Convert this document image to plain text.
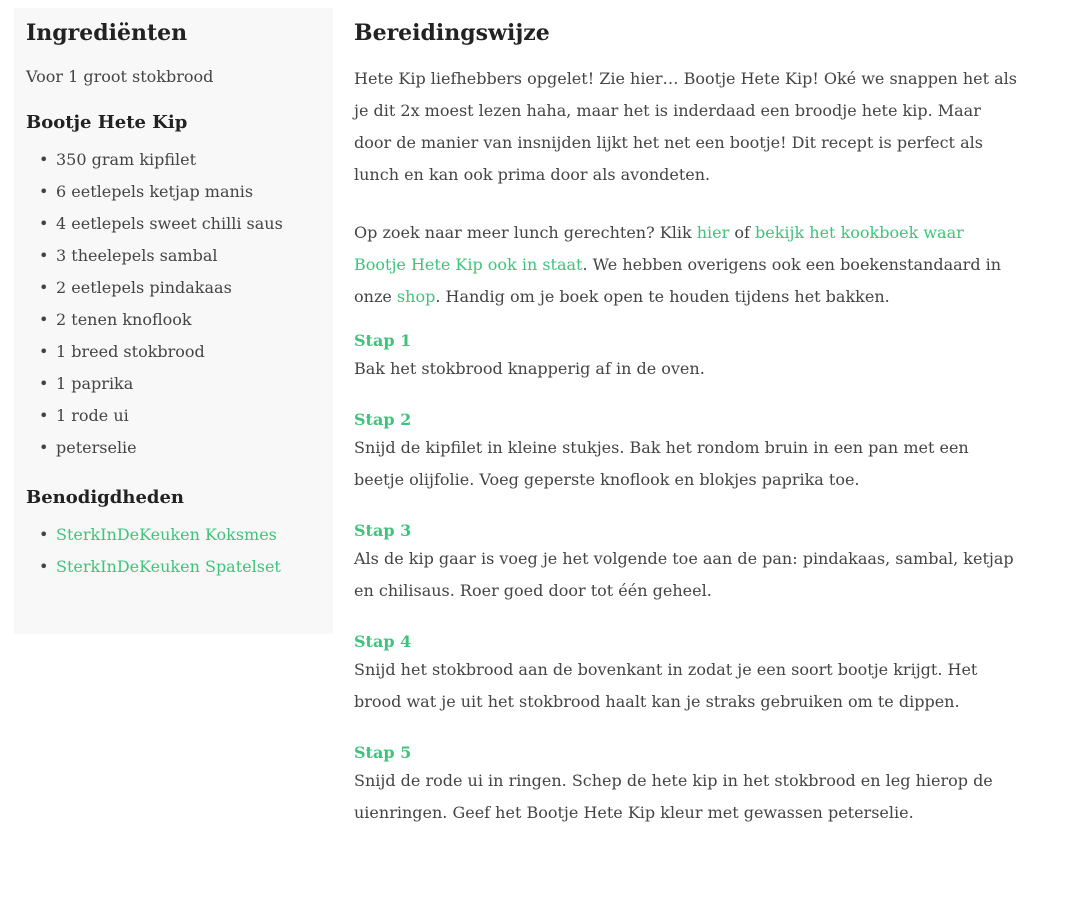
Ingrediënten

Voor 1 groot stokbrood

Bootje Hete Kip
• 350 gram kipfilet
• 6 eetlepels ketjap manis
• 4 eetlepels sweet chilli saus
• 3 theelepels sambal
• 2 eetlepels pindakaas
• 2 tenen knoflook
• 1 breed stokbrood
• 1 paprika
• 1 rode ui
• peterselie
Benodigdheden
• SterkInDeKeuken Koksmes
• SterkInDeKeuken Spatelset
Bereidingswijze

Hete Kip liefhebbers opgelet! Zie hier… Bootje Hete Kip! Oké we snappen het als je dit 2x moest lezen haha, maar het is inderdaad een broodje hete kip. Maar door de manier van insnijden lijkt het net een bootje! Dit recept is perfect als lunch en kan ook prima door als avondeten.

Op zoek naar meer lunch gerechten? Klik hier of bekijk het kookboek waar Bootje Hete Kip ook in staat. We hebben overigens ook een boekenstandaard in onze shop. Handig om je boek open te houden tijdens het bakken.

Stap 1

Bak het stokbrood knapperig af in de oven.

Stap 2

Snijd de kipfilet in kleine stukjes. Bak het rondom bruin in een pan met een beetje olijfolie. Voeg geperste knoflook en blokjes paprika toe.

Stap 3

Als de kip gaar is voeg je het volgende toe aan de pan: pindakaas, sambal, ketjap en chilisaus. Roer goed door tot één geheel.

Stap 4

Snijd het stokbrood aan de bovenkant in zodat je een soort bootje krijgt. Het brood wat je uit het stokbrood haalt kan je straks gebruiken om te dippen.

Stap 5

Snijd de rode ui in ringen. Schep de hete kip in het stokbrood en leg hierop de uienringen. Geef het Bootje Hete Kip kleur met gewassen peterselie.
